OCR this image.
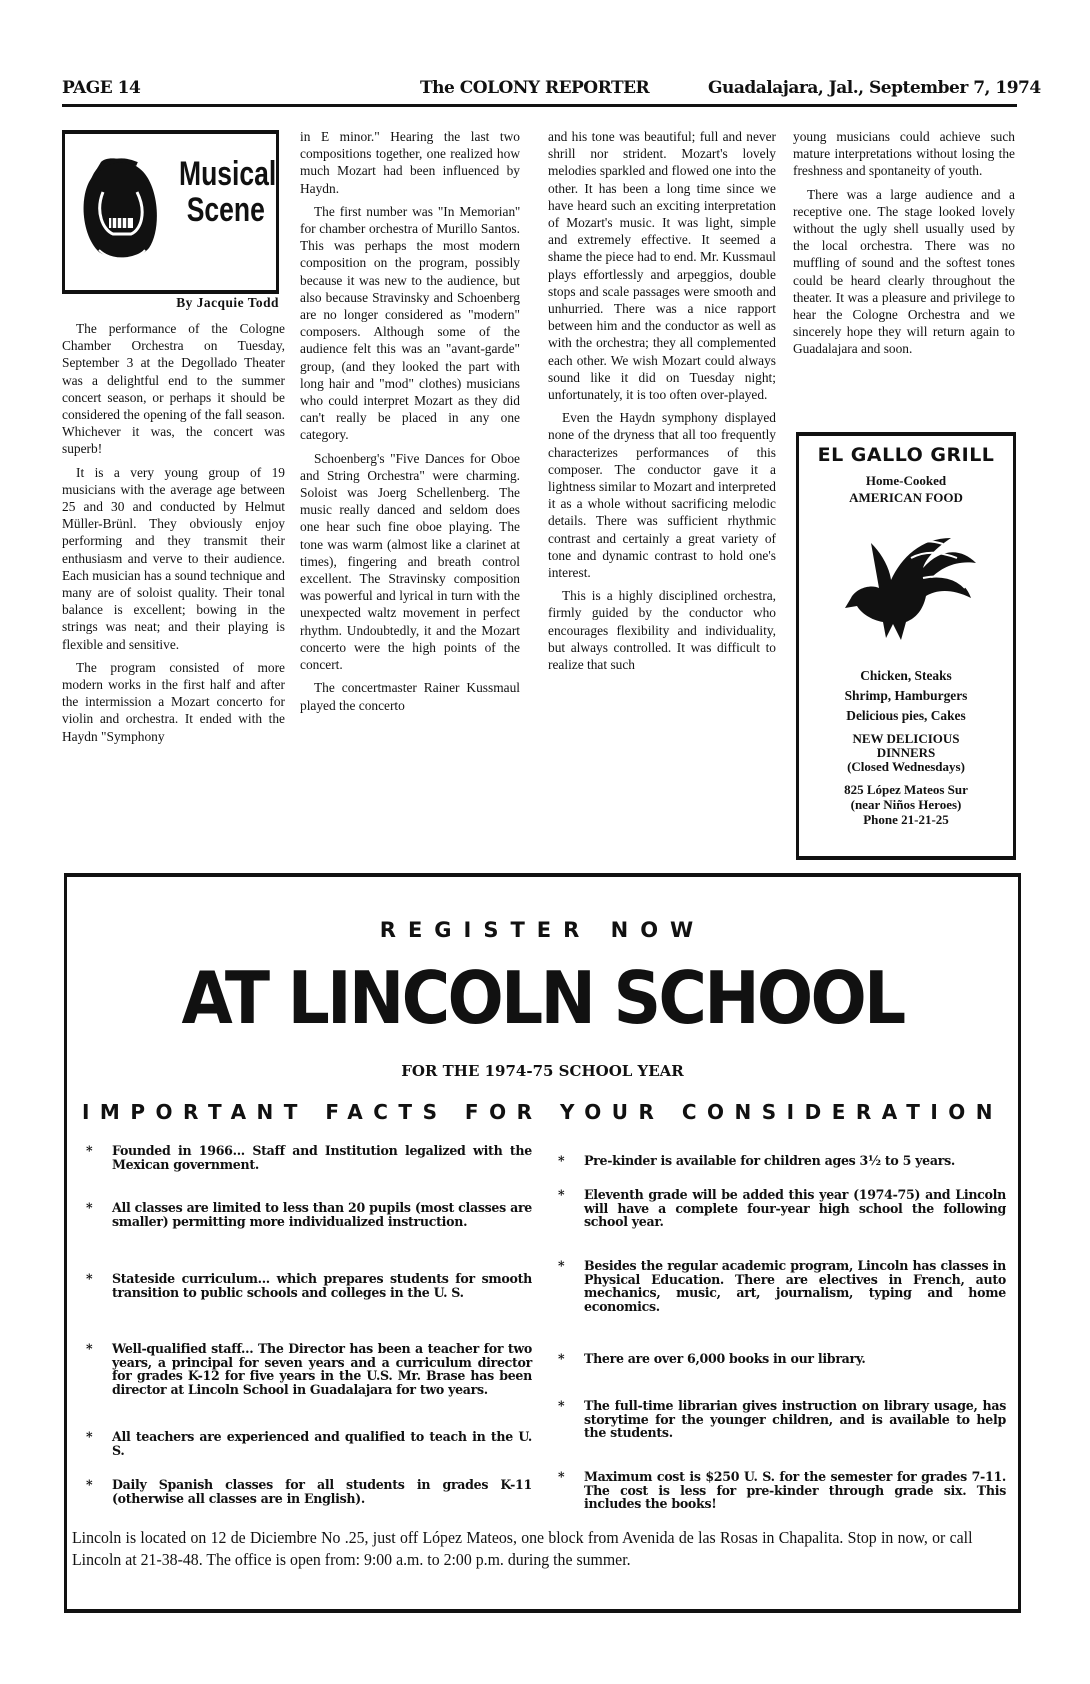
PAGE 14	The COLONY REPORTER	Guadalajara, Jal., September 7, 1974
Musical
Scene
By Jacquie Todd

The performance of the Cologne Chamber Orchestra on Tuesday, September 3 at the Degollado Theater was a delightful end to the summer concert season, or perhaps it should be considered the opening of the fall season. Whichever it was, the concert was superb!

It is a very young group of 19 musicians with the average age between 25 and 30 and conducted by Helmut Müller-Brünl. They obviously enjoy performing and they transmit their enthusiasm and verve to their audience. Each musician has a sound technique and many are of soloist quality. Their tonal balance is excellent; bowing in the strings was neat; and their playing is flexible and sensitive.

The program consisted of more modern works in the first half and after the intermission a Mozart concerto for violin and orchestra. It ended with the Haydn "Symphony

in E minor." Hearing the last two compositions together, one realized how much Mozart had been influenced by Haydn.

The first number was "In Memorian'' for chamber orchestra of Murillo Santos. This was perhaps the most modern composition on the program, possibly because it was new to the audience, but also because Stravinsky and Schoenberg are no longer considered as "modern" composers. Although some of the audience felt this was an "avant-garde" group, (and they looked the part with long hair and "mod" clothes) musicians who could interpret Mozart as they did can't really be placed in any one category.

Schoenberg's "Five Dances for Oboe and String Orchestra" were charming. Soloist was Joerg Schellenberg. The music really danced and seldom does one hear such fine oboe playing. The tone was warm (almost like a clarinet at times), fingering and breath control excellent. The Stravinsky composition was powerful and lyrical in turn with the unexpected waltz movement in perfect rhythm. Undoubtedly, it and the Mozart concerto were the high points of the concert.

The concertmaster Rainer Kussmaul played the concerto

and his tone was beautiful; full and never shrill nor strident. Mozart's lovely melodies sparkled and flowed one into the other. It has been a long time since we have heard such an exciting interpretation of Mozart's music. It was light, simple and extremely effective. It seemed a shame the piece had to end. Mr. Kussmaul plays effortlessly and arpeggios, double stops and scale passages were smooth and unhurried. There was a nice rapport between him and the conductor as well as with the orchestra; they all complemented each other. We wish Mozart could always sound like it did on Tuesday night; unfortunately, it is too often over-played.

Even the Haydn symphony displayed none of the dryness that all too frequently characterizes performances of this composer. The conductor gave it a lightness similar to Mozart and interpreted it as a whole without sacrificing melodic details. There was sufficient rhythmic contrast and certainly a great variety of tone and dynamic contrast to hold one's interest.

This is a highly disciplined orchestra, firmly guided by the conductor who encourages flexibility and individuality, but always controlled. It was difficult to realize that such

young musicians could achieve such mature interpretations without losing the freshness and spontaneity of youth.

There was a large audience and a receptive one. The stage looked lovely without the ugly shell usually used by the local orchestra. There was no muffling of sound and the softest tones could be heard clearly throughout the theater. It was a pleasure and privilege to hear the Cologne Orchestra and we sincerely hope they will return again to Guadalajara and soon.

EL GALLO GRILL
Home-Cooked
AMERICAN FOOD
Chicken, Steaks
Shrimp, Hamburgers
Delicious pies, Cakes
NEW DELICIOUS
DINNERS
(Closed Wednesdays)
825 López Mateos Sur
(near Niños Heroes)
Phone 21-21-25
REGISTER NOW
AT LINCOLN SCHOOL
FOR THE 1974-75 SCHOOL YEAR
IMPORTANT FACTS FOR YOUR CONSIDERATION
* Founded in 1966... Staff and Institution legalized with the Mexican government.
* All classes are limited to less than 20 pupils (most classes are smaller) permitting more individualized instruction.
* Stateside curriculum... which prepares students for smooth transition to public schools and colleges in the U. S.
* Well-qualified staff... The Director has been a teacher for two years, a principal for seven years and a curriculum director for grades K-12 for five years in the U.S. Mr. Brase has been director at Lincoln School in Guadalajara for two years.
* All teachers are experienced and qualified to teach in the U. S.
* Daily Spanish classes for all students in grades K-11 (otherwise all classes are in English).
* Pre-kinder is available for children ages 3½ to 5 years.
* Eleventh grade will be added this year (1974-75) and Lincoln will have a complete four-year high school the following school year.
* Besides the regular academic program, Lincoln has classes in Physical Education. There are electives in French, auto mechanics, music, art, journalism, typing and home economics.
* There are over 6,000 books in our library.
* The full-time librarian gives instruction on library usage, has storytime for the younger children, and is available to help the students.
* Maximum cost is $250 U. S. for the semester for grades 7-11. The cost is less for pre-kinder through grade six. This includes the books!
Lincoln is located on 12 de Diciembre No .25, just off López Mateos, one block from Avenida de las Rosas in Chapalita. Stop in now, or call Lincoln at 21-38-48. The office is open from: 9:00 a.m. to 2:00 p.m. during the summer.
